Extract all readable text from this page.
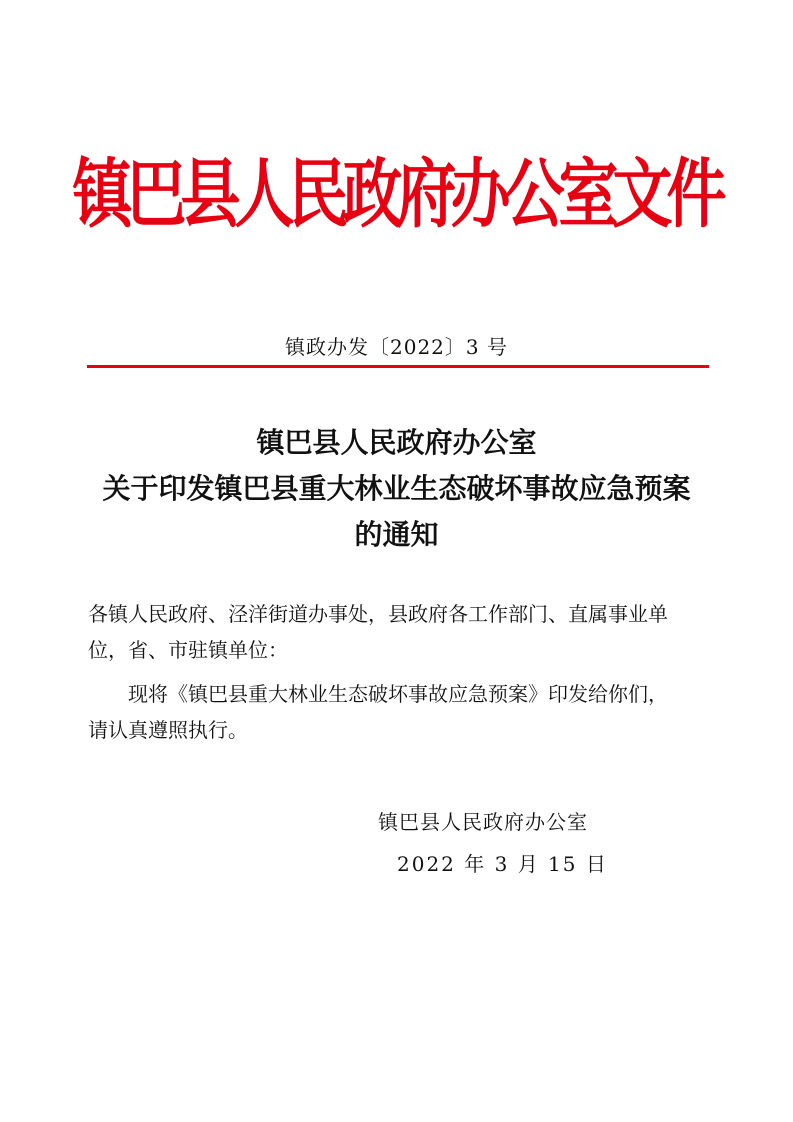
镇巴县人民政府办公室文件
镇政办发〔2022〕3 号
镇巴县人民政府办公室
关于印发镇巴县重大林业生态破坏事故应急预案
的通知
各镇人民政府、泾洋街道办事处，县政府各工作部门、直属事业单
位，省、市驻镇单位：
　　现将《镇巴县重大林业生态破坏事故应急预案》印发给你们，
请认真遵照执行。
镇巴县人民政府办公室
2022 年 3 月 15 日
